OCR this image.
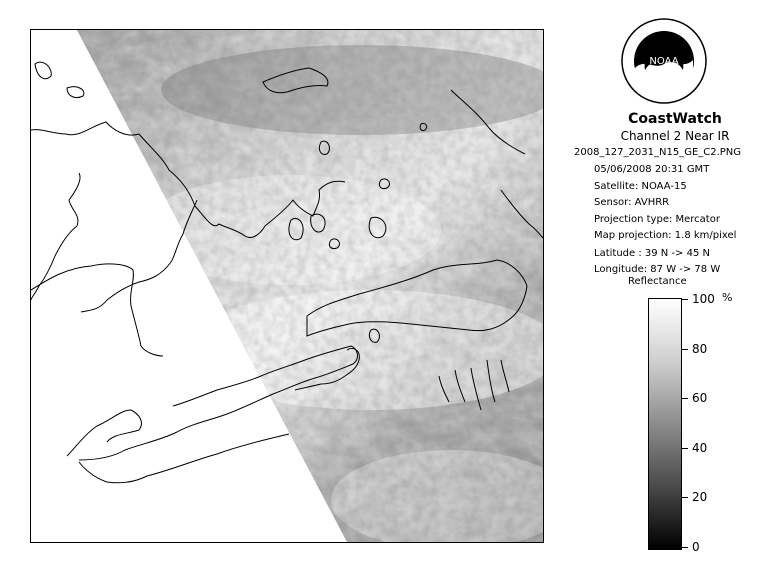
NOAA
CoastWatch
Channel 2 Near IR
2008_127_2031_N15_GE_C2.PNG
05/06/2008 20:31 GMT
Satellite: NOAA-15
Sensor: AVHRR
Projection type: Mercator
Map projection: 1.8 km/pixel
Latitude : 39 N -> 45 N
Longitude: 87 W -> 78 W
Reflectance
%
100
80
60
40
20
0
